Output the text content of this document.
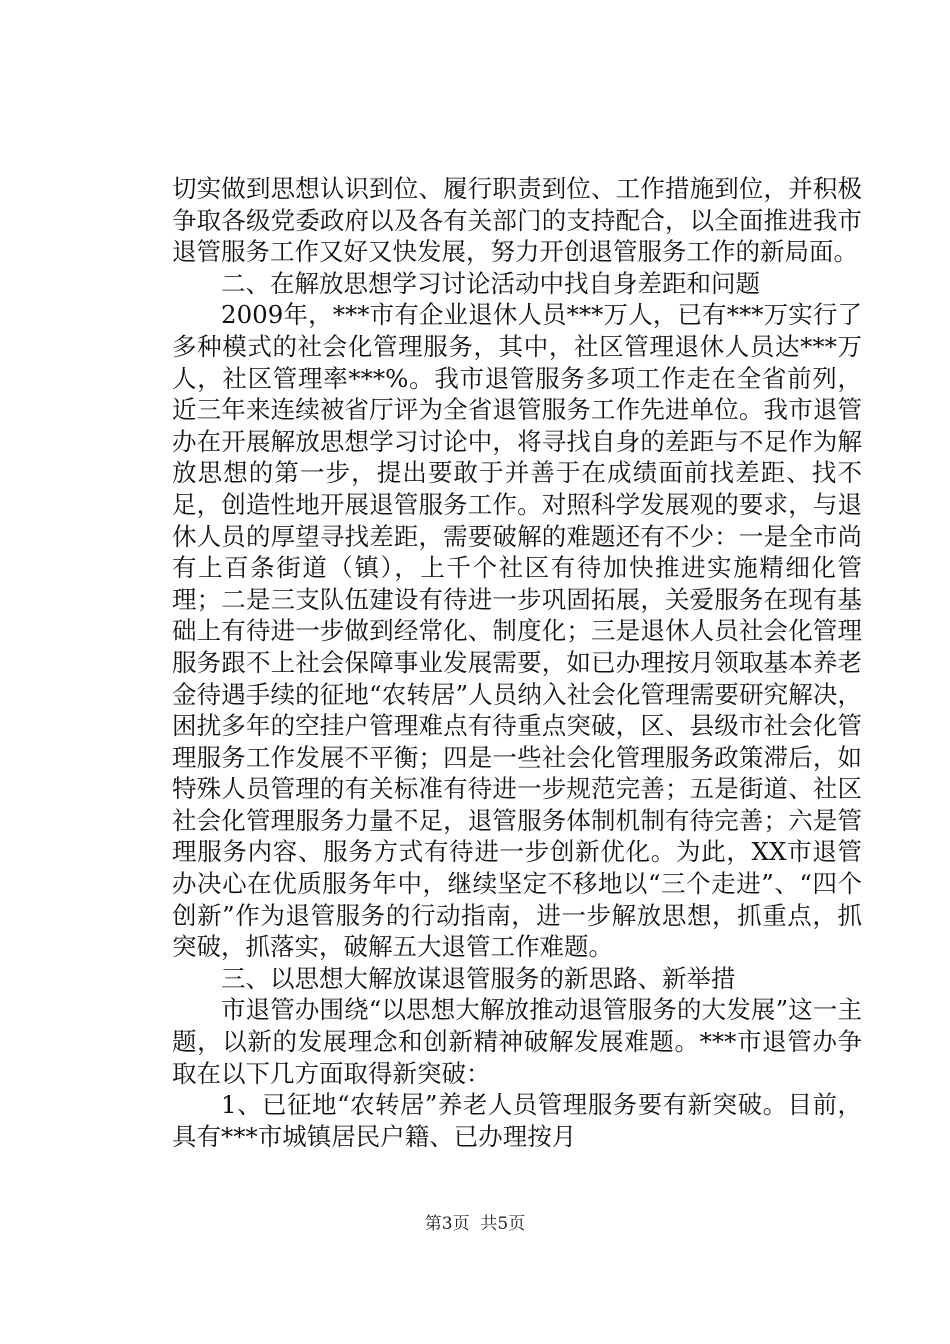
切实做到思想认识到位、履行职责到位、工作措施到位，并积极争取各级党委政府以及各有关部门的支持配合，以全面推进我市退管服务工作又好又快发展，努力开创退管服务工作的新局面。

二、在解放思想学习讨论活动中找自身差距和问题

2009年，***市有企业退休人员***万人，已有***万实行了多种模式的社会化管理服务，其中，社区管理退休人员达***万人，社区管理率***%。我市退管服务多项工作走在全省前列，近三年来连续被省厅评为全省退管服务工作先进单位。我市退管办在开展解放思想学习讨论中，将寻找自身的差距与不足作为解放思想的第一步，提出要敢于并善于在成绩面前找差距、找不足，创造性地开展退管服务工作。对照科学发展观的要求，与退休人员的厚望寻找差距，需要破解的难题还有不少：一是全市尚有上百条街道（镇），上千个社区有待加快推进实施精细化管理；二是三支队伍建设有待进一步巩固拓展，关爱服务在现有基础上有待进一步做到经常化、制度化；三是退休人员社会化管理服务跟不上社会保障事业发展需要，如已办理按月领取基本养老金待遇手续的征地“农转居”人员纳入社会化管理需要研究解决，困扰多年的空挂户管理难点有待重点突破，区、县级市社会化管理服务工作发展不平衡；四是一些社会化管理服务政策滞后，如特殊人员管理的有关标准有待进一步规范完善；五是街道、社区社会化管理服务力量不足，退管服务体制机制有待完善；六是管理服务内容、服务方式有待进一步创新优化。为此，XX市退管办决心在优质服务年中，继续坚定不移地以“三个走进”、“四个创新”作为退管服务的行动指南，进一步解放思想，抓重点，抓突破，抓落实，破解五大退管工作难题。

三、以思想大解放谋退管服务的新思路、新举措

市退管办围绕“以思想大解放推动退管服务的大发展”这一主题，以新的发展理念和创新精神破解发展难题。***市退管办争取在以下几方面取得新突破：

1、已征地“农转居”养老人员管理服务要有新突破。目前，具有***市城镇居民户籍、已办理按月

第3页  共5页
